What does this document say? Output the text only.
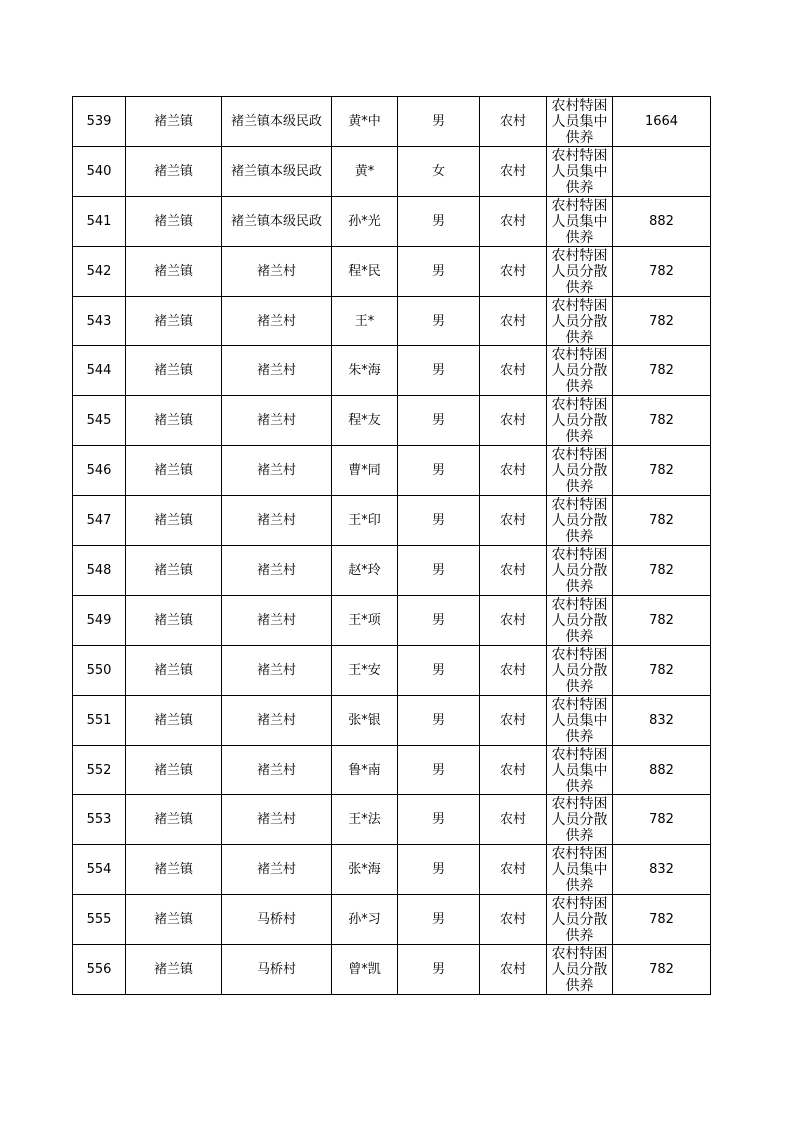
539	褚兰镇	褚兰镇本级民政	黄*中	男	农村	农村特困人员集中供养	1664
540	褚兰镇	褚兰镇本级民政	黄*	女	农村	农村特困人员集中供养	

541	褚兰镇	褚兰镇本级民政	孙*光	男	农村	农村特困人员集中供养	882
542	褚兰镇	褚兰村	程*民	男	农村	农村特困人员分散供养	782
543	褚兰镇	褚兰村	王*	男	农村	农村特困人员分散供养	782
544	褚兰镇	褚兰村	朱*海	男	农村	农村特困人员分散供养	782
545	褚兰镇	褚兰村	程*友	男	农村	农村特困人员分散供养	782
546	褚兰镇	褚兰村	曹*同	男	农村	农村特困人员分散供养	782
547	褚兰镇	褚兰村	王*印	男	农村	农村特困人员分散供养	782
548	褚兰镇	褚兰村	赵*玲	男	农村	农村特困人员分散供养	782
549	褚兰镇	褚兰村	王*项	男	农村	农村特困人员分散供养	782
550	褚兰镇	褚兰村	王*安	男	农村	农村特困人员分散供养	782
551	褚兰镇	褚兰村	张*银	男	农村	农村特困人员集中供养	832
552	褚兰镇	褚兰村	鲁*南	男	农村	农村特困人员集中供养	882
553	褚兰镇	褚兰村	王*法	男	农村	农村特困人员分散供养	782
554	褚兰镇	褚兰村	张*海	男	农村	农村特困人员集中供养	832
555	褚兰镇	马桥村	孙*习	男	农村	农村特困人员分散供养	782
556	褚兰镇	马桥村	曾*凯	男	农村	农村特困人员分散供养	782
